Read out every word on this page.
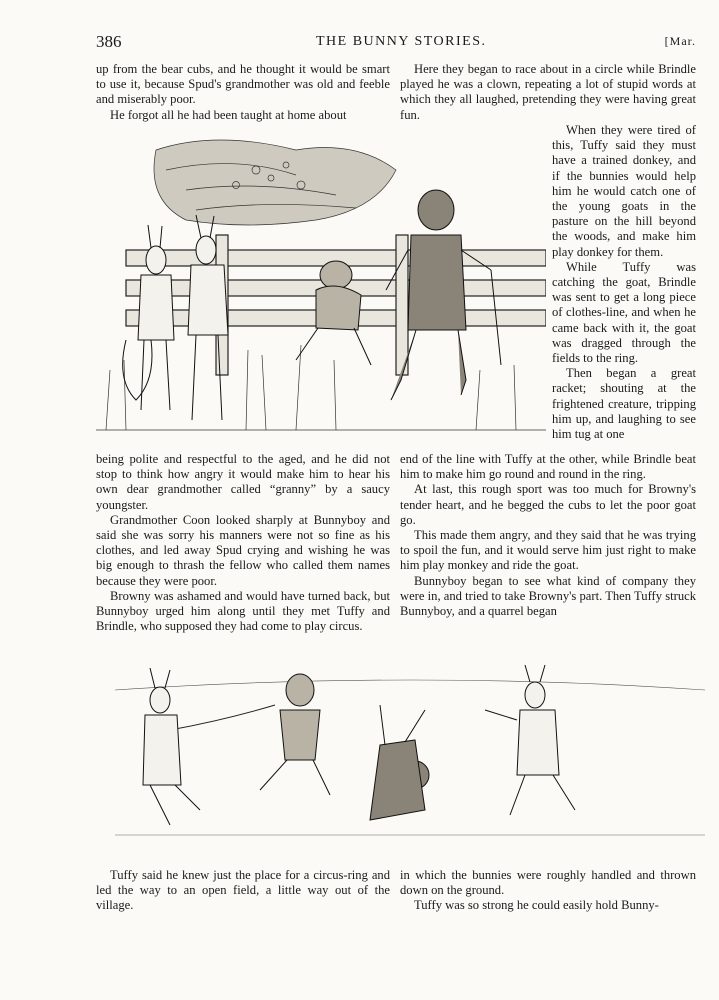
386	THE BUNNY STORIES.	[Mar.

up from the bear cubs, and he thought it would be smart to use it, because Spud's grandmother was old and feeble and miserably poor.

He forgot all he had been taught at home about

Here they began to race about in a circle while Brindle played he was a clown, repeating a lot of stupid words at which they all laughed, pretending they were having great fun.

When they were tired of this, Tuffy said they must have a trained donkey, and if the bunnies would help him he would catch one of the young goats in the pasture on the hill beyond the woods, and make him play donkey for them.

While Tuffy was catching the goat, Brindle was sent to get a long piece of clothes-line, and when he came back with it, the goat was dragged through the fields to the ring.

Then began a great racket; shouting at the frightened creature, tripping him up, and laughing to see him tug at one

being polite and respectful to the aged, and he did not stop to think how angry it would make him to hear his own dear grandmother called “granny” by a saucy youngster.

Grandmother Coon looked sharply at Bunnyboy and said she was sorry his manners were not so fine as his clothes, and led away Spud crying and wishing he was big enough to thrash the fellow who called them names because they were poor.

Browny was ashamed and would have turned back, but Bunnyboy urged him along until they met Tuffy and Brindle, who supposed they had come to play circus.

end of the line with Tuffy at the other, while Brindle beat him to make him go round and round in the ring.

At last, this rough sport was too much for Browny's tender heart, and he begged the cubs to let the poor goat go.

This made them angry, and they said that he was trying to spoil the fun, and it would serve him just right to make him play monkey and ride the goat.

Bunnyboy began to see what kind of company they were in, and tried to take Browny's part. Then Tuffy struck Bunnyboy, and a quarrel began

Tuffy said he knew just the place for a circus-ring and led the way to an open field, a little way out of the village.

in which the bunnies were roughly handled and thrown down on the ground.

Tuffy was so strong he could easily hold Bunny-
